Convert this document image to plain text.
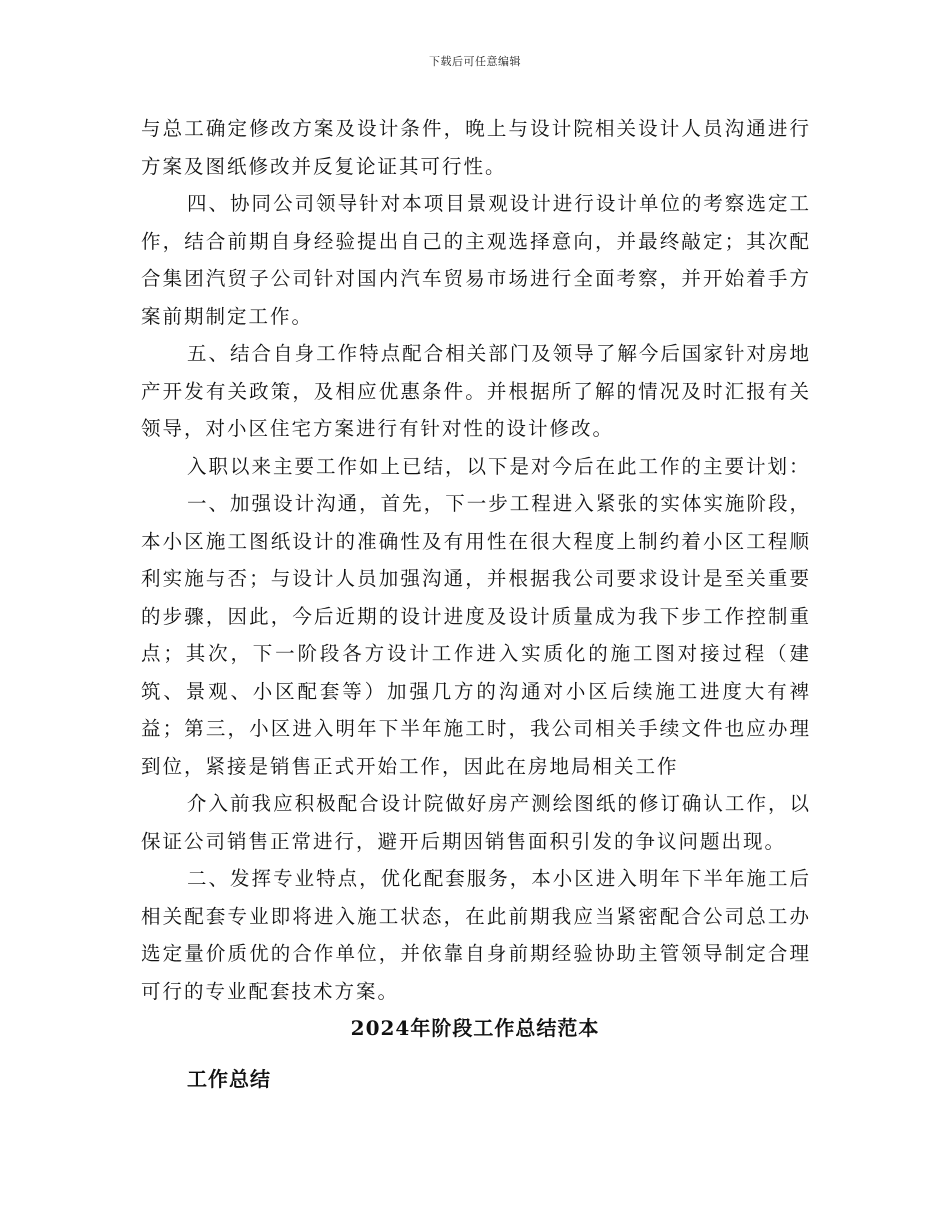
下载后可任意编辑

与总工确定修改方案及设计条件，晚上与设计院相关设计人员沟通进行方案及图纸修改并反复论证其可行性。

四、协同公司领导针对本项目景观设计进行设计单位的考察选定工作，结合前期自身经验提出自己的主观选择意向，并最终敲定；其次配合集团汽贸子公司针对国内汽车贸易市场进行全面考察，并开始着手方案前期制定工作。

五、结合自身工作特点配合相关部门及领导了解今后国家针对房地产开发有关政策，及相应优惠条件。并根据所了解的情况及时汇报有关领导，对小区住宅方案进行有针对性的设计修改。

入职以来主要工作如上已结，以下是对今后在此工作的主要计划：

一、加强设计沟通，首先，下一步工程进入紧张的实体实施阶段，本小区施工图纸设计的准确性及有用性在很大程度上制约着小区工程顺利实施与否；与设计人员加强沟通，并根据我公司要求设计是至关重要的步骤，因此，今后近期的设计进度及设计质量成为我下步工作控制重点；其次，下一阶段各方设计工作进入实质化的施工图对接过程（建筑、景观、小区配套等）加强几方的沟通对小区后续施工进度大有裨益；第三，小区进入明年下半年施工时，我公司相关手续文件也应办理到位，紧接是销售正式开始工作，因此在房地局相关工作

介入前我应积极配合设计院做好房产测绘图纸的修订确认工作，以保证公司销售正常进行，避开后期因销售面积引发的争议问题出现。

二、发挥专业特点，优化配套服务，本小区进入明年下半年施工后相关配套专业即将进入施工状态，在此前期我应当紧密配合公司总工办选定量价质优的合作单位，并依靠自身前期经验协助主管领导制定合理可行的专业配套技术方案。

2024年阶段工作总结范本
工作总结
